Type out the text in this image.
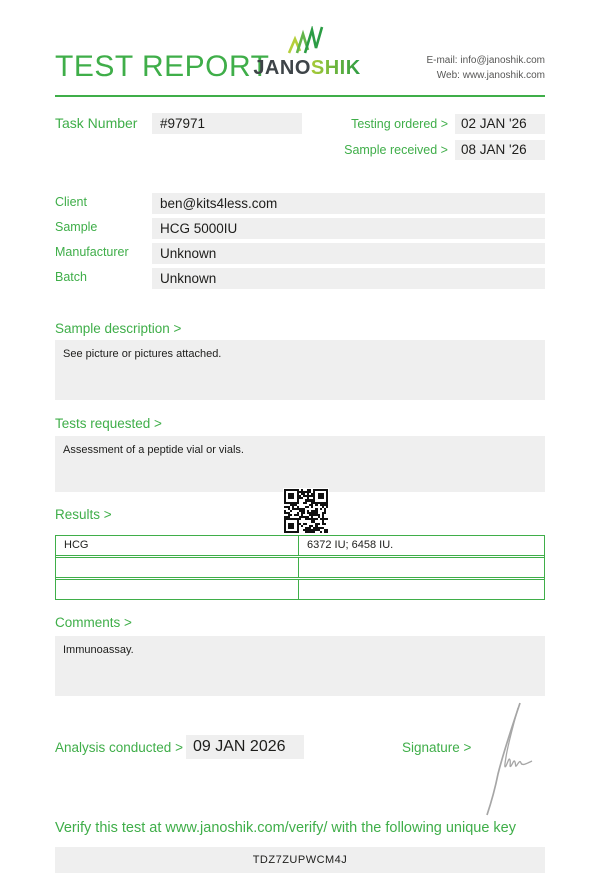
TEST REPORT
JANOSHIK	E-mail: info@janoshik.com
Web: www.janoshik.com
Task Number	#97971	Testing ordered > 02 JAN '26
Sample received > 08 JAN '26
Client	ben@kits4less.com
Sample	HCG 5000IU
Manufacturer	Unknown
Batch	Unknown
Sample description >
See picture or pictures attached.
Tests requested >
Assessment of a peptide vial or vials.
Results >
HCG	6372 IU; 6458 IU.
Comments >
Immunoassay.
Analysis conducted > 09 JAN 2026	Signature >
Verify this test at www.janoshik.com/verify/ with the following unique key
TDZ7ZUPWCM4J
